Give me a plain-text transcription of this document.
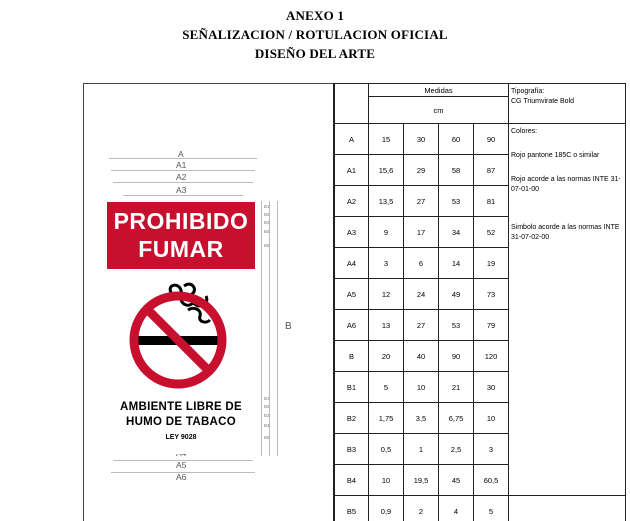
ANEXO 1
SEÑALIZACION / ROTULACION OFICIAL
DISEÑO DEL ARTE
A
A1
A2
A3
A5
A6
B
B1
B2
B3
B4
B5
B1
B2
B3
B4
B5
PROHIBIDO
FUMAR
AMBIENTE LIBRE DE
HUMO DE TABACO
LEY 9028
	Medidas				Tipografía:
CG Triumvirate Bold

	cm				
A	15	30	60	90	Colores:
Rojo pantone 185C o similar
Rojo acorde a las normas INTE 31-07-01-00
Simbolo acorde a las normas INTE 31-07-02-00

A1	15,6	29	58	87	
A2	13,5	27	53	81	
A3	9	17	34	52	
A4	3	6	14	19	
A5	12	24	49	73	
A6	13	27	53	79	
B	20	40	90	120	
B1	5	10	21	30	
B2	1,75	3,5	6,75	10	
B3	0,5	1	2,5	3	
B4	10	19,5	45	60,5	
B5	0,9	2	4	5	
